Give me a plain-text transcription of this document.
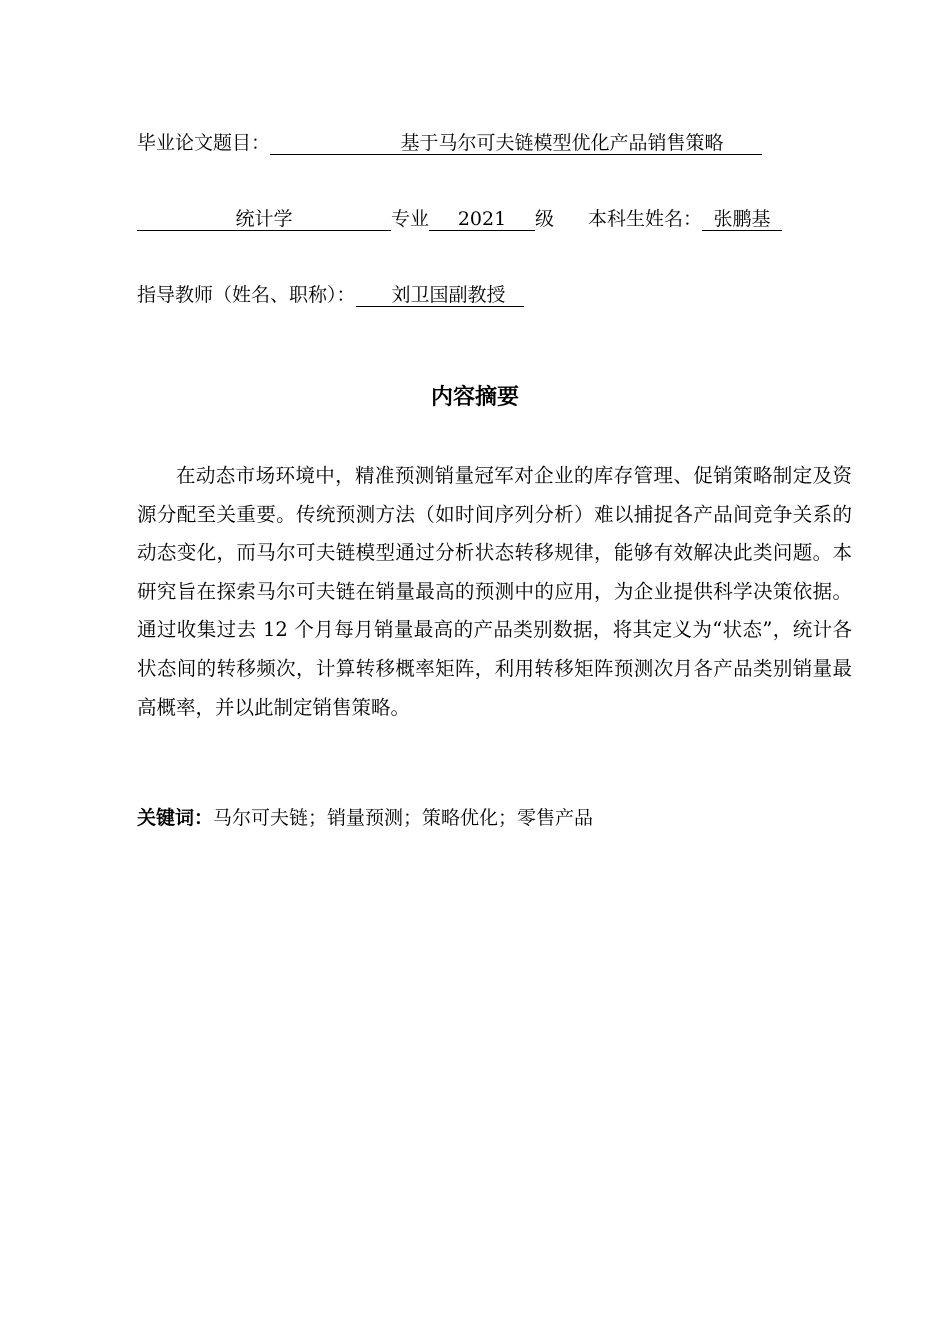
毕业论文题目：	基于马尔可夫链模型优化产品销售策略
统计学	专业 2021 级 本科生姓名： 张鹏基
指导教师（姓名、职称）： 刘卫国副教授
内容摘要

在动态市场环境中，精准预测销量冠军对企业的库存管理、促销策略制定及资源分配至关重要。传统预测方法（如时间序列分析）难以捕捉各产品间竞争关系的动态变化，而马尔可夫链模型通过分析状态转移规律，能够有效解决此类问题。本研究旨在探索马尔可夫链在销量最高的预测中的应用，为企业提供科学决策依据。通过收集过去 12 个月每月销量最高的产品类别数据，将其定义为“状态”，统计各状态间的转移频次，计算转移概率矩阵，利用转移矩阵预测次月各产品类别销量最高概率，并以此制定销售策略。

关键词：马尔可夫链；销量预测；策略优化；零售产品
